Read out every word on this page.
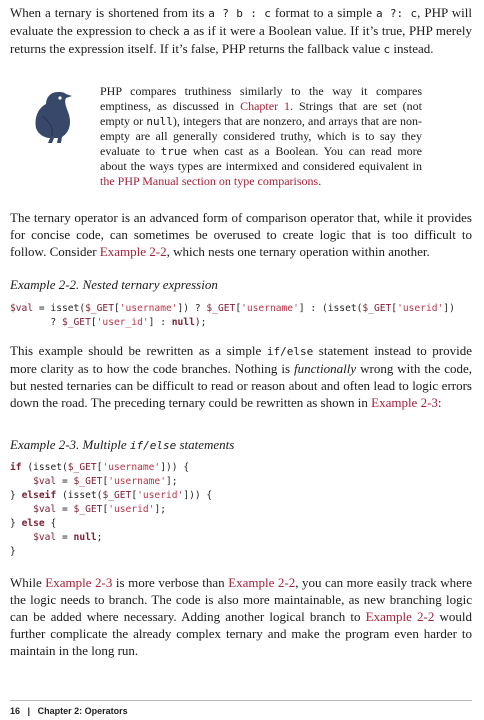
When a ternary is shortened from its a ? b : c format to a simple a ?: c, PHP will evaluate the expression to check a as if it were a Boolean value. If it’s true, PHP merely returns the expression itself. If it’s false, PHP returns the fallback value c instead.

PHP compares truthiness similarly to the way it compares emptiness, as discussed in Chapter 1. Strings that are set (not empty or null), integers that are nonzero, and arrays that are non-empty are all generally considered truthy, which is to say they evaluate to true when cast as a Boolean. You can read more about the ways types are intermixed and considered equivalent in the PHP Manual section on type comparisons.

The ternary operator is an advanced form of comparison operator that, while it provides for concise code, can sometimes be overused to create logic that is too difficult to follow. Consider Example 2-2, which nests one ternary operation within another.

Example 2-2. Nested ternary expression

$val = isset($_GET['username']) ? $_GET['username'] : (isset($_GET['userid'])
? $_GET['user_id'] : null);

This example should be rewritten as a simple if/else statement instead to provide more clarity as to how the code branches. Nothing is functionally wrong with the code, but nested ternaries can be difficult to read or reason about and often lead to logic errors down the road. The preceding ternary could be rewritten as shown in Example 2-3:

Example 2-3. Multiple if/else statements

if (isset($_GET['username'])) {
$val = $_GET['username'];
} elseif (isset($_GET['userid'])) {
$val = $_GET['userid'];
} else {
$val = null;
}

While Example 2-3 is more verbose than Example 2-2, you can more easily track where the logic needs to branch. The code is also more maintainable, as new branching logic can be added where necessary. Adding another logical branch to Example 2-2 would further complicate the already complex ternary and make the program even harder to maintain in the long run.

16 | Chapter 2: Operators
